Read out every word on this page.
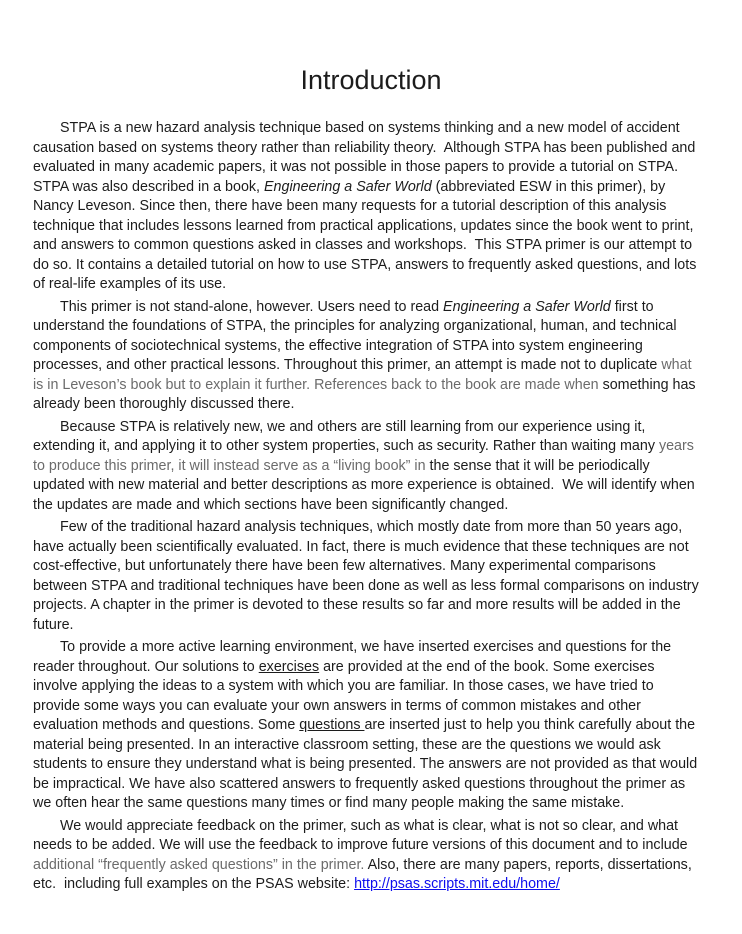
Introduction

STPA is a new hazard analysis technique based on systems thinking and a new model of accident causation based on systems theory rather than reliability theory.  Although STPA has been published and evaluated in many academic papers, it was not possible in those papers to provide a tutorial on STPA. STPA was also described in a book, Engineering a Safer World (abbreviated ESW in this primer), by Nancy Leveson. Since then, there have been many requests for a tutorial description of this analysis technique that includes lessons learned from practical applications, updates since the book went to print, and answers to common questions asked in classes and workshops.  This STPA primer is our attempt to do so. It contains a detailed tutorial on how to use STPA, answers to frequently asked questions, and lots of real-life examples of its use.

This primer is not stand-alone, however. Users need to read Engineering a Safer World first to understand the foundations of STPA, the principles for analyzing organizational, human, and technical components of sociotechnical systems, the effective integration of STPA into system engineering processes, and other practical lessons. Throughout this primer, an attempt is made not to duplicate what is in Leveson’s book but to explain it further. References back to the book are made when something has already been thoroughly discussed there.

Because STPA is relatively new, we and others are still learning from our experience using it, extending it, and applying it to other system properties, such as security. Rather than waiting many years to produce this primer, it will instead serve as a “living book” in the sense that it will be periodically updated with new material and better descriptions as more experience is obtained.  We will identify when the updates are made and which sections have been significantly changed.

Few of the traditional hazard analysis techniques, which mostly date from more than 50 years ago, have actually been scientifically evaluated. In fact, there is much evidence that these techniques are not cost-effective, but unfortunately there have been few alternatives. Many experimental comparisons between STPA and traditional techniques have been done as well as less formal comparisons on industry projects. A chapter in the primer is devoted to these results so far and more results will be added in the future.

To provide a more active learning environment, we have inserted exercises and questions for the reader throughout. Our solutions to exercises are provided at the end of the book. Some exercises involve applying the ideas to a system with which you are familiar. In those cases, we have tried to provide some ways you can evaluate your own answers in terms of common mistakes and other evaluation methods and questions. Some questions are inserted just to help you think carefully about the material being presented. In an interactive classroom setting, these are the questions we would ask students to ensure they understand what is being presented. The answers are not provided as that would be impractical. We have also scattered answers to frequently asked questions throughout the primer as we often hear the same questions many times or find many people making the same mistake.

We would appreciate feedback on the primer, such as what is clear, what is not so clear, and what needs to be added. We will use the feedback to improve future versions of this document and to include additional “frequently asked questions” in the primer. Also, there are many papers, reports, dissertations, etc.  including full examples on the PSAS website: http://psas.scripts.mit.edu/home/
